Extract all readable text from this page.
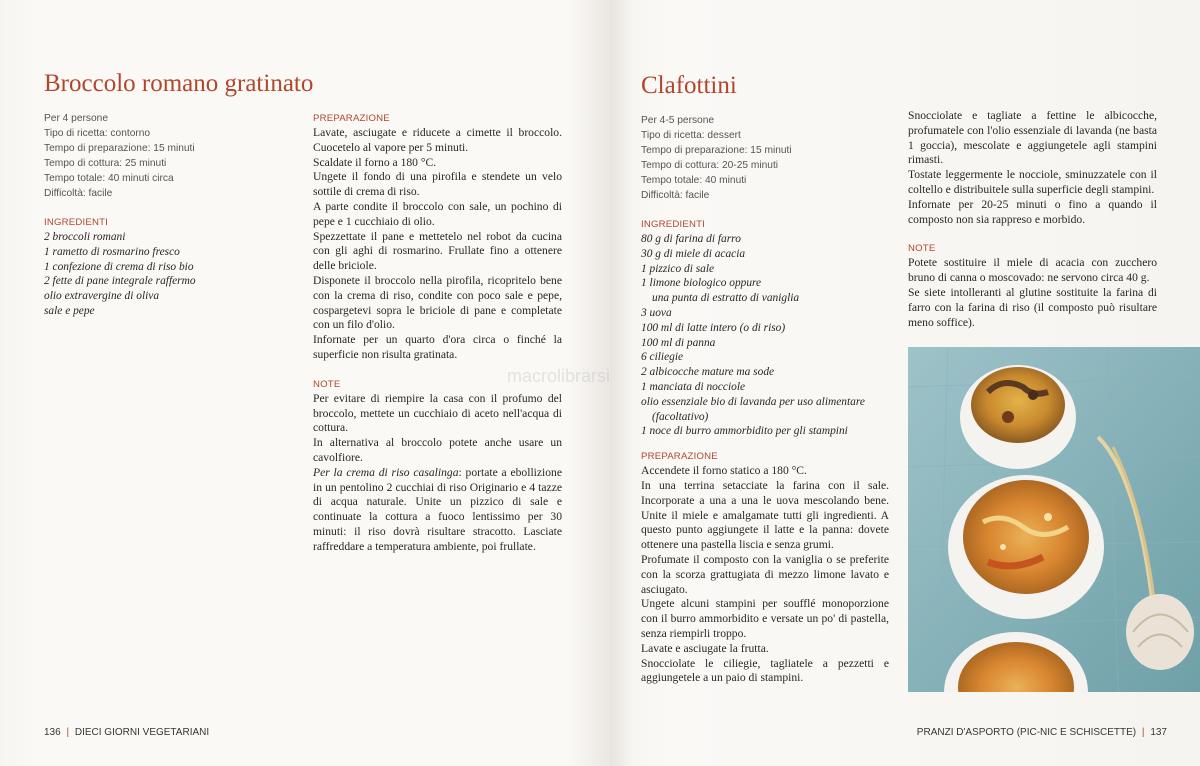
Broccolo romano gratinato
Per 4 persone
Tipo di ricetta: contorno
Tempo di preparazione: 15 minuti
Tempo di cottura: 25 minuti
Tempo totale: 40 minuti circa
Difficoltà: facile
INGREDIENTI
2 broccoli romani
1 rametto di rosmarino fresco
1 confezione di crema di riso bio
2 fette di pane integrale raffermo
olio extravergine di oliva
sale e pepe
PREPARAZIONE

Lavate, asciugate e riducete a cimette il broccolo. Cuocetelo al vapore per 5 minuti.

Scaldate il forno a 180 °C.

Ungete il fondo di una pirofila e stendete un velo sottile di crema di riso.

A parte condite il broccolo con sale, un pochino di pepe e 1 cucchiaio di olio.

Spezzettate il pane e mettetelo nel robot da cucina con gli aghi di rosmarino. Frullate fino a ottenere delle briciole.

Disponete il broccolo nella pirofila, ricopritelo bene con la crema di riso, condite con poco sale e pepe, cospargetevi sopra le briciole di pane e completate con un filo d'olio.

Infornate per un quarto d'ora circa o finché la superficie non risulta gratinata.

NOTE

Per evitare di riempire la casa con il profumo del broccolo, mettete un cucchiaio di aceto nell'acqua di cottura.

In alternativa al broccolo potete anche usare un cavolfiore.

Per la crema di riso casalinga: portate a ebollizione in un pentolino 2 cucchiai di riso Originario e 4 tazze di acqua naturale. Unite un pizzico di sale e continuate la cottura a fuoco lentissimo per 30 minuti: il riso dovrà risultare stracotto. Lasciate raffreddare a temperatura ambiente, poi frullate.

136 | DIECI GIORNI VEGETARIANI
Clafottini
Per 4-5 persone
Tipo di ricetta: dessert
Tempo di preparazione: 15 minuti
Tempo di cottura: 20-25 minuti
Tempo totale: 40 minuti
Difficoltà: facile
INGREDIENTI
80 g di farina di farro
30 g di miele di acacia
1 pizzico di sale
1 limone biologico oppure
una punta di estratto di vaniglia
3 uova
100 ml di latte intero (o di riso)
100 ml di panna
6 ciliegie
2 albicocche mature ma sode
1 manciata di nocciole
olio essenziale bio di lavanda per uso alimentare
(facoltativo)
1 noce di burro ammorbidito per gli stampini
PREPARAZIONE

Accendete il forno statico a 180 °C.

In una terrina setacciate la farina con il sale. Incorporate a una a una le uova mescolando bene. Unite il miele e amalgamate tutti gli ingredienti. A questo punto aggiungete il latte e la panna: dovete ottenere una pastella liscia e senza grumi.

Profumate il composto con la vaniglia o se preferite con la scorza grattugiata di mezzo limone lavato e asciugato.

Ungete alcuni stampini per soufflé monoporzione con il burro ammorbidito e versate un po' di pastella, senza riempirli troppo.

Lavate e asciugate la frutta.

Snocciolate le ciliegie, tagliatele a pezzetti e aggiungetele a un paio di stampini.

Snocciolate e tagliate a fettine le albicocche, profumatele con l'olio essenziale di lavanda (ne basta 1 goccia), mescolate e aggiungetele agli stampini rimasti.

Tostate leggermente le nocciole, sminuzzatele con il coltello e distribuitele sulla superficie degli stampini.

Infornate per 20-25 minuti o fino a quando il composto non sia rappreso e morbido.

NOTE

Potete sostituire il miele di acacia con zucchero bruno di canna o moscovado: ne servono circa 40 g.

Se siete intolleranti al glutine sostituite la farina di farro con la farina di riso (il composto può risultare meno soffice).

PRANZI D'ASPORTO (PIC-NIC E SCHISCETTE) | 137
macrolibrarsi
